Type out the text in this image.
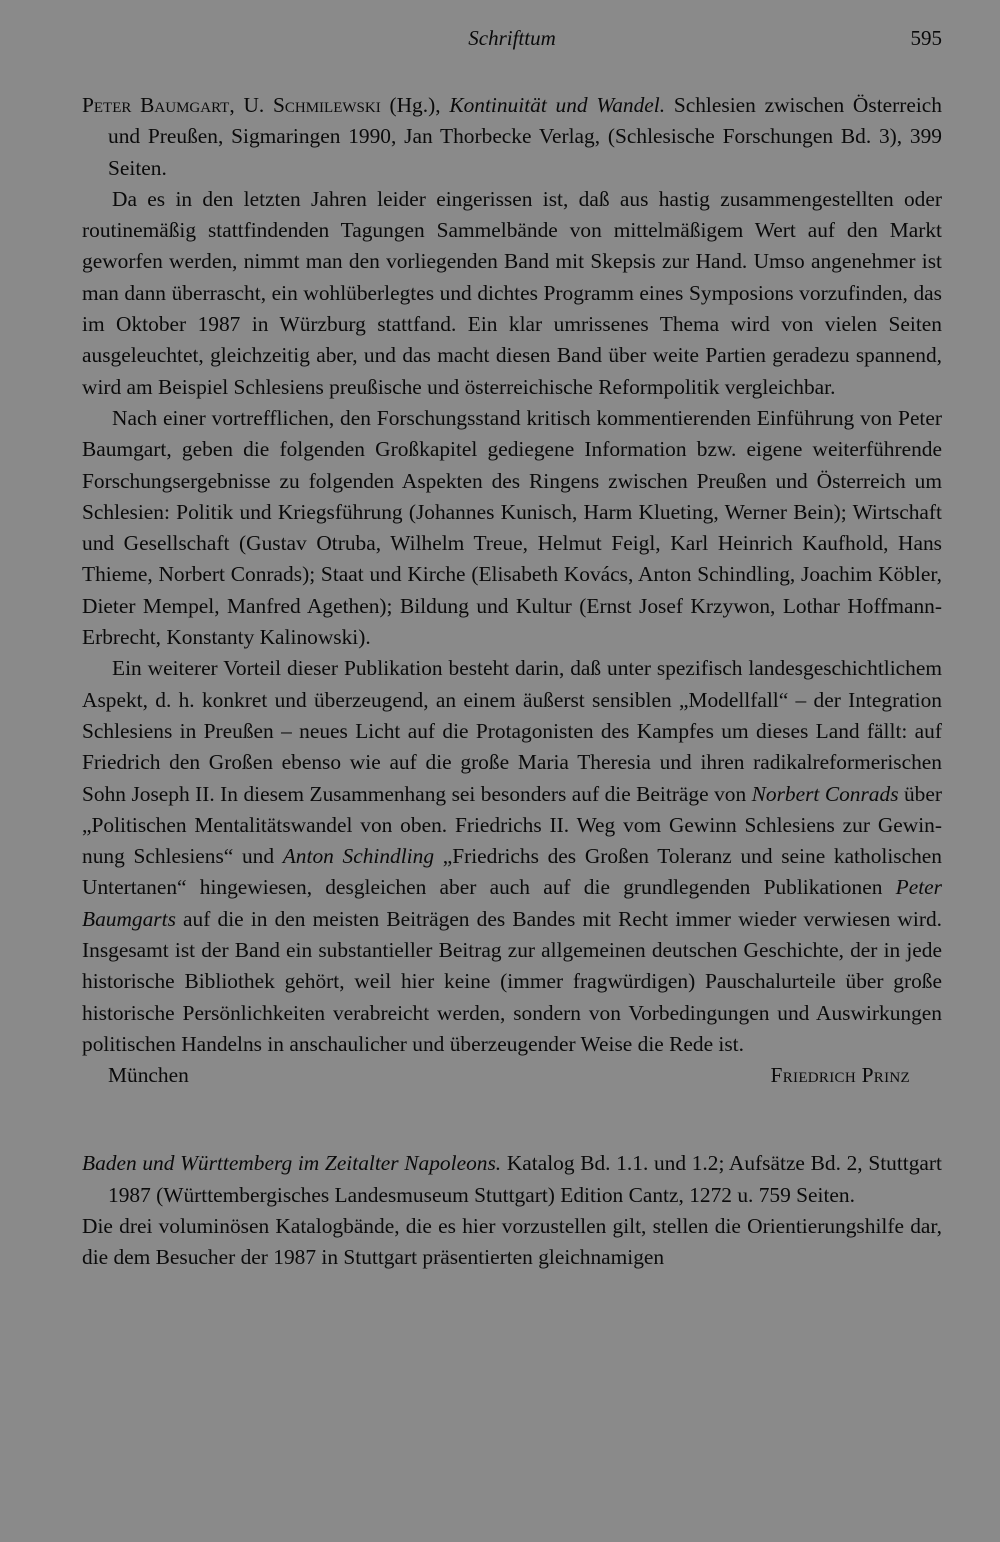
Schrifttum	595

Peter Baumgart, U. Schmilewski (Hg.), Kontinuität und Wandel. Schlesien zwischen Österreich und Preußen, Sigmaringen 1990, Jan Thorbecke Verlag, (Schlesische Forschungen Bd. 3), 399 Seiten.

Da es in den letzten Jahren leider eingerissen ist, daß aus hastig zusammengestellten oder routinemäßig stattfindenden Tagungen Sammelbände von mittelmäßigem Wert auf den Markt geworfen werden, nimmt man den vorliegenden Band mit Skepsis zur Hand. Umso angenehmer ist man dann überrascht, ein wohlüberlegtes und dichtes Programm eines Symposions vorzufinden, das im Oktober 1987 in Würzburg stattfand. Ein klar umrissenes Thema wird von vielen Seiten ausgeleuchtet, gleichzeitig aber, und das macht diesen Band über weite Partien geradezu spannend, wird am Beispiel Schlesiens preußische und österreichische Reformpolitik vergleichbar.

Nach einer vortrefflichen, den Forschungsstand kritisch kommentierenden Einführung von Peter Baumgart, geben die folgenden Großkapitel gediegene Information bzw. eigene weiterführende Forschungsergebnisse zu folgenden Aspekten des Ringens zwischen Preußen und Österreich um Schlesien: Politik und Kriegsführung (Johannes Kunisch, Harm Klueting, Werner Bein); Wirtschaft und Gesellschaft (Gustav Otruba, Wilhelm Treue, Helmut Feigl, Karl Heinrich Kaufhold, Hans Thieme, Norbert Conrads); Staat und Kirche (Elisabeth Kovács, Anton Schindling, Joachim Köbler, Dieter Mempel, Manfred Agethen); Bildung und Kultur (Ernst Josef Krzywon, Lothar Hoffmann-Erbrecht, Konstanty Kalinowski).

Ein weiterer Vorteil dieser Publikation besteht darin, daß unter spezifisch landesgeschichtlichem Aspekt, d. h. konkret und überzeugend, an einem äußerst sensiblen „Modellfall“ – der Integration Schlesiens in Preußen – neues Licht auf die Protagonisten des Kampfes um dieses Land fällt: auf Friedrich den Großen ebenso wie auf die große Maria Theresia und ihren radikalreformerischen Sohn Joseph II. In diesem Zusammenhang sei besonders auf die Beiträge von Norbert Conrads über „Politischen Mentalitätswandel von oben. Friedrichs II. Weg vom Gewinn Schlesiens zur Gewinnung Schlesiens“ und Anton Schindling „Friedrichs des Großen Toleranz und seine katholischen Untertanen“ hingewiesen, desgleichen aber auch auf die grundlegenden Publikationen Peter Baumgarts auf die in den meisten Beiträgen des Bandes mit Recht immer wieder verwiesen wird. Insgesamt ist der Band ein substantieller Beitrag zur allgemeinen deutschen Geschichte, der in jede historische Bibliothek gehört, weil hier keine (immer fragwürdigen) Pauschalurteile über große historische Persönlichkeiten verabreicht werden, sondern von Vorbedingungen und Auswirkungen politischen Handelns in anschaulicher und überzeugender Weise die Rede ist.

München	Friedrich Prinz

Baden und Württemberg im Zeitalter Napoleons. Katalog Bd. 1.1. und 1.2; Aufsätze Bd. 2, Stuttgart 1987 (Württembergisches Landesmuseum Stuttgart) Edition Cantz, 1272 u. 759 Seiten.

Die drei voluminösen Katalogbände, die es hier vorzustellen gilt, stellen die Orientierungshilfe dar, die dem Besucher der 1987 in Stuttgart präsentierten gleichnamigen
